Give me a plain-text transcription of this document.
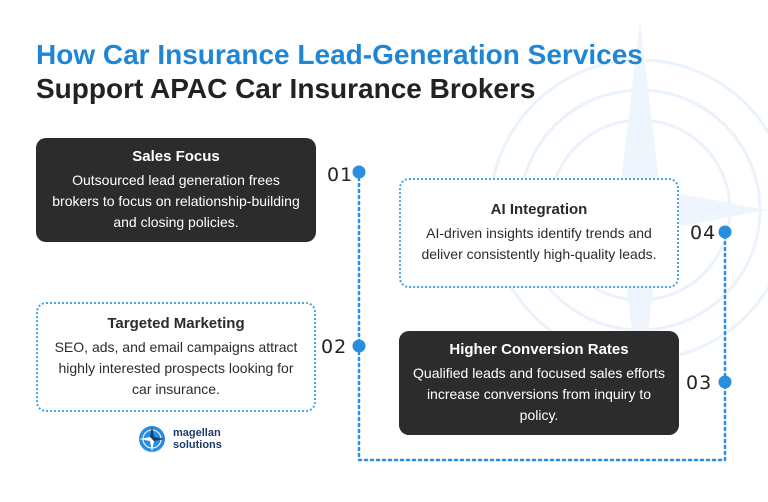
How Car Insurance Lead-Generation Services
Support APAC Car Insurance Brokers
01
02
03
04
Sales Focus
Outsourced lead generation frees brokers to focus on relationship-building and closing policies.
Targeted Marketing
SEO, ads, and email campaigns attract highly interested prospects looking for car insurance.
Higher Conversion Rates
Qualified leads and focused sales efforts increase conversions from inquiry to policy.
AI Integration
AI-driven insights identify trends and deliver consistently high-quality leads.
magellan
solutions
